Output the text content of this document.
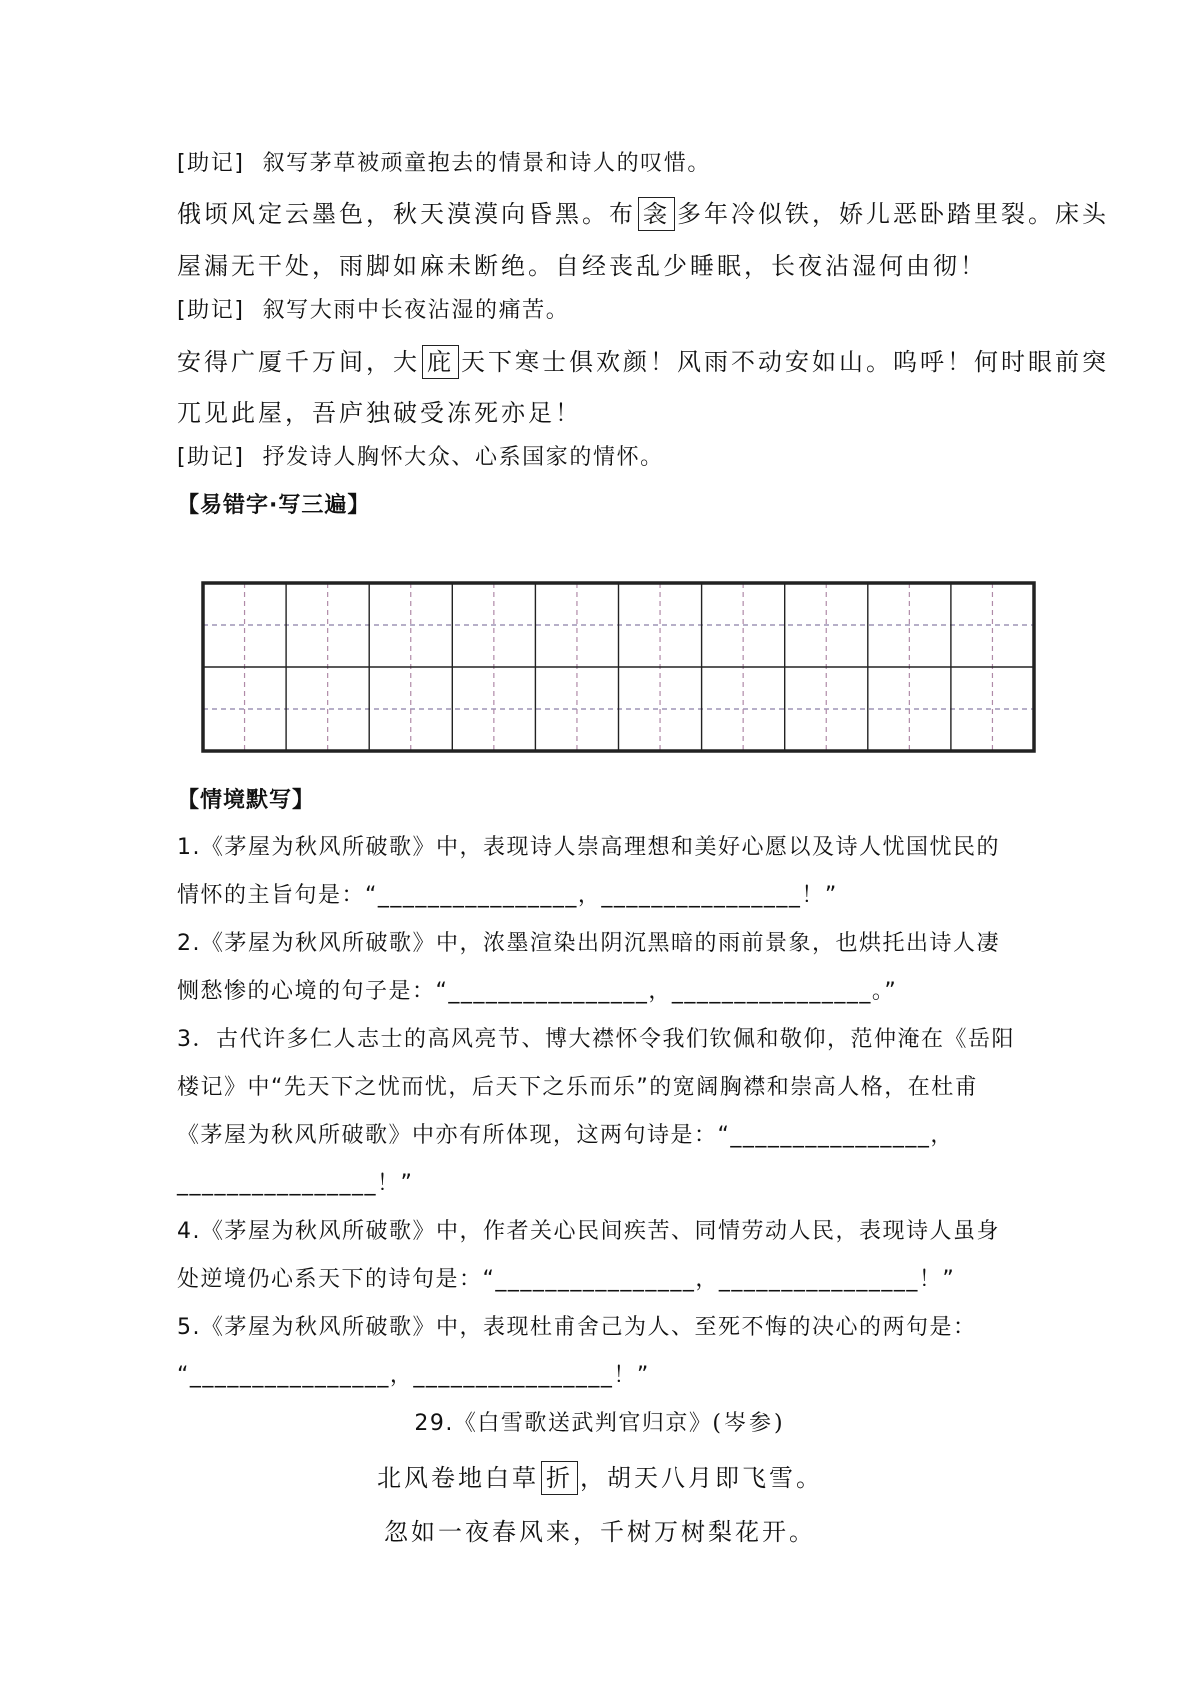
[助记] 叙写茅草被顽童抱去的情景和诗人的叹惜。
俄顷风定云墨色，秋天漠漠向昏黑。布 衾 多年冷似铁，娇儿恶卧踏里裂。床头
屋漏无干处，雨脚如麻未断绝。自经丧乱少睡眠，长夜沾湿何由彻！
[助记] 叙写大雨中长夜沾湿的痛苦。
安得广厦千万间，大 庇 天下寒士俱欢颜！风雨不动安如山。呜呼！何时眼前突
兀见此屋，吾庐独破受冻死亦足！
[助记] 抒发诗人胸怀大众、心系国家的情怀。
【易错字·写三遍】
【情境默写】
1.《茅屋为秋风所破歌》中，表现诗人崇高理想和美好心愿以及诗人忧国忧民的
情怀的主旨句是：“________________，________________！”
2.《茅屋为秋风所破歌》中，浓墨渲染出阴沉黑暗的雨前景象，也烘托出诗人凄
恻愁惨的心境的句子是：“________________，________________。”
3．古代许多仁人志士的高风亮节、博大襟怀令我们钦佩和敬仰，范仲淹在《岳阳
楼记》中“先天下之忧而忧，后天下之乐而乐”的宽阔胸襟和崇高人格，在杜甫
《茅屋为秋风所破歌》中亦有所体现，这两句诗是：“________________，
________________！”
4.《茅屋为秋风所破歌》中，作者关心民间疾苦、同情劳动人民，表现诗人虽身
处逆境仍心系天下的诗句是：“________________，________________！”
5.《茅屋为秋风所破歌》中，表现杜甫舍己为人、至死不悔的决心的两句是：
“________________，________________！”
29.《白雪歌送武判官归京》(岑参)
北风卷地白草 折 ，胡天八月即飞雪。
忽如一夜春风来，千树万树梨花开。
